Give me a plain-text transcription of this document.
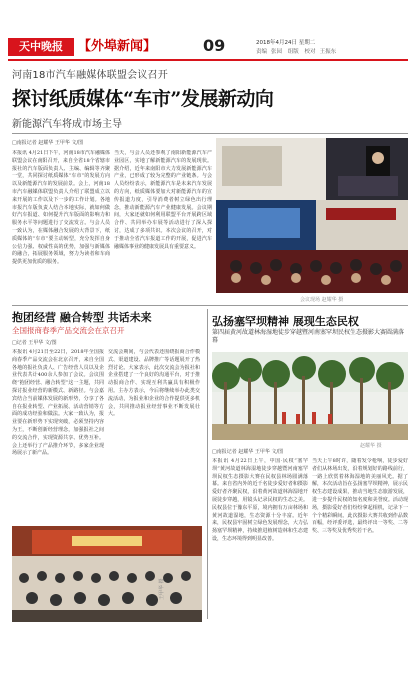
天中晚报	【外埠新闻】	09	2018年4月24日 星期二
责编 张园 组版 校对 王振东
河南18市汽车融媒体联盟会议召开
探讨纸质媒体“车市”发展新动向
新能源汽车将成市场主导
□南报记者 赵耀华 王甲华 文/图
本报讯 4月21日下午，河南18市汽车融媒体联盟会议在南阳召开，来自全省18个省辖市报社的汽车版面负责人、主编、编辑等齐聚一堂，共同探讨纸质媒体“车市”的发展方向以及新能源汽车的发展前景。会上，河南18市汽车融媒体联盟负责人介绍了联盟成立以来开展的工作以及下一步的工作计划。各地市报汽车版负责人结合本地实际，就如何做好汽车报道、如何提升汽车版面的影响力和服务水平等问题进行了交流发言。与会人员一致认为，在媒体融合发展的大背景下，纸质媒体的“车市”要主动转型，充分发挥自身公信力强、权威性高的优势，加强与新媒体的融合，拓展服务领域，努力为读者和车商提供更加优质的服务。
当天，与会人员还参观了南阳新能源汽车产业园区，实地了解新能源汽车的发展现状。据介绍，近年来南阳市大力发展新能源汽车产业，已形成了较为完整的产业链条。与会人员纷纷表示，新能源汽车是未来汽车发展的方向，纸质媒体要加大对新能源汽车的宣传报道力度，引导消费者树立绿色出行理念，推动新能源汽车产业健康发展。会议期间，大家还就如何利用联盟平台开展跨区域合作、共同举办车展等活动进行了深入探讨，达成了多项共识。本次会议的召开，对于推动全省汽车报道工作的开展，促进汽车融媒体事业的健康发展具有重要意义。
会议现场 赵耀华 摄
抱团经营 融合转型 共话未来
全国报商春季产品交流会在京召开
□记者 王甲华 文/图
本报讯 4月21日至22日，2018年全国报商春季产品交流会在北京召开，来自全国各地的报社负责人、广告经营人员以及企业代表共计400余人参加了会议。会议围绕“抱团经营、融合转型”这一主题，共同探讨报业经营的新模式、新路径。与会嘉宾结合当前媒体发展的新形势，分享了各自在报业转型、产业拓展、活动营销等方面的成功经验和做法。大家一致认为，报业要在新形势下实现突破，必须坚持内容为王，不断创新经营理念，加强报社之间的交流合作，实现资源共享、优势互补。会上还举行了产品推介环节，多家企业现场展示了新产品。
交流会期间，与会代表还围绕报商合作模式、渠道建设、品牌推广等话题展开了热烈讨论。大家表示，此次交流会为报社和企业搭建了一个良好的沟通平台，对于推动报商合作、实现互利共赢具有积极作用。主办方表示，今后将继续举办此类交流活动，为报业和企业的合作提供更多机会，共同推动报业经营事业不断发展壮大。
王甲华 摄
弘扬塞罕坝精神 展现生态民权
第四届黄河故道林海湿地徒步穿越暨河南塞罕坝民权生态摄影大赛圆满落幕
赵耀华 摄
□南报记者 赵耀华 王甲华 文/图
本报讯 4月22日上午，中国·民权“塞罕坝”黄河故道林海湿地徒步穿越暨河南塞罕坝民权生态摄影大赛在民权县林场圆满落幕。来自省内外的近千名徒步爱好者和摄影爱好者齐聚民权，沿着黄河故道林海湿地开展徒步穿越，用镜头记录民权的生态之美。民权县位于豫东平原，境内拥有万亩林场和黄河故道湿地，生态资源十分丰富。近年来，民权县牢固树立绿色发展理念，大力弘扬塞罕坝精神，持续推进植树造林和生态建设，生态环境得到明显改善。
当天上午8时许，随着发令枪响，徒步爱好者们从林场出发，沿着规划好的路线前行，一路上欣赏着林海湿地的美丽风光。据了解，本次活动旨在弘扬塞罕坝精神，展示民权生态建设成果，推动当地生态旅游发展，进一步提升民权的知名度和美誉度。活动现场，摄影爱好者们纷纷拿起相机，记录下一个个精彩瞬间。此次摄影大赛共收到作品数百幅，经评委评选，最终评出一等奖、二等奖、三等奖及优秀奖若干名。
